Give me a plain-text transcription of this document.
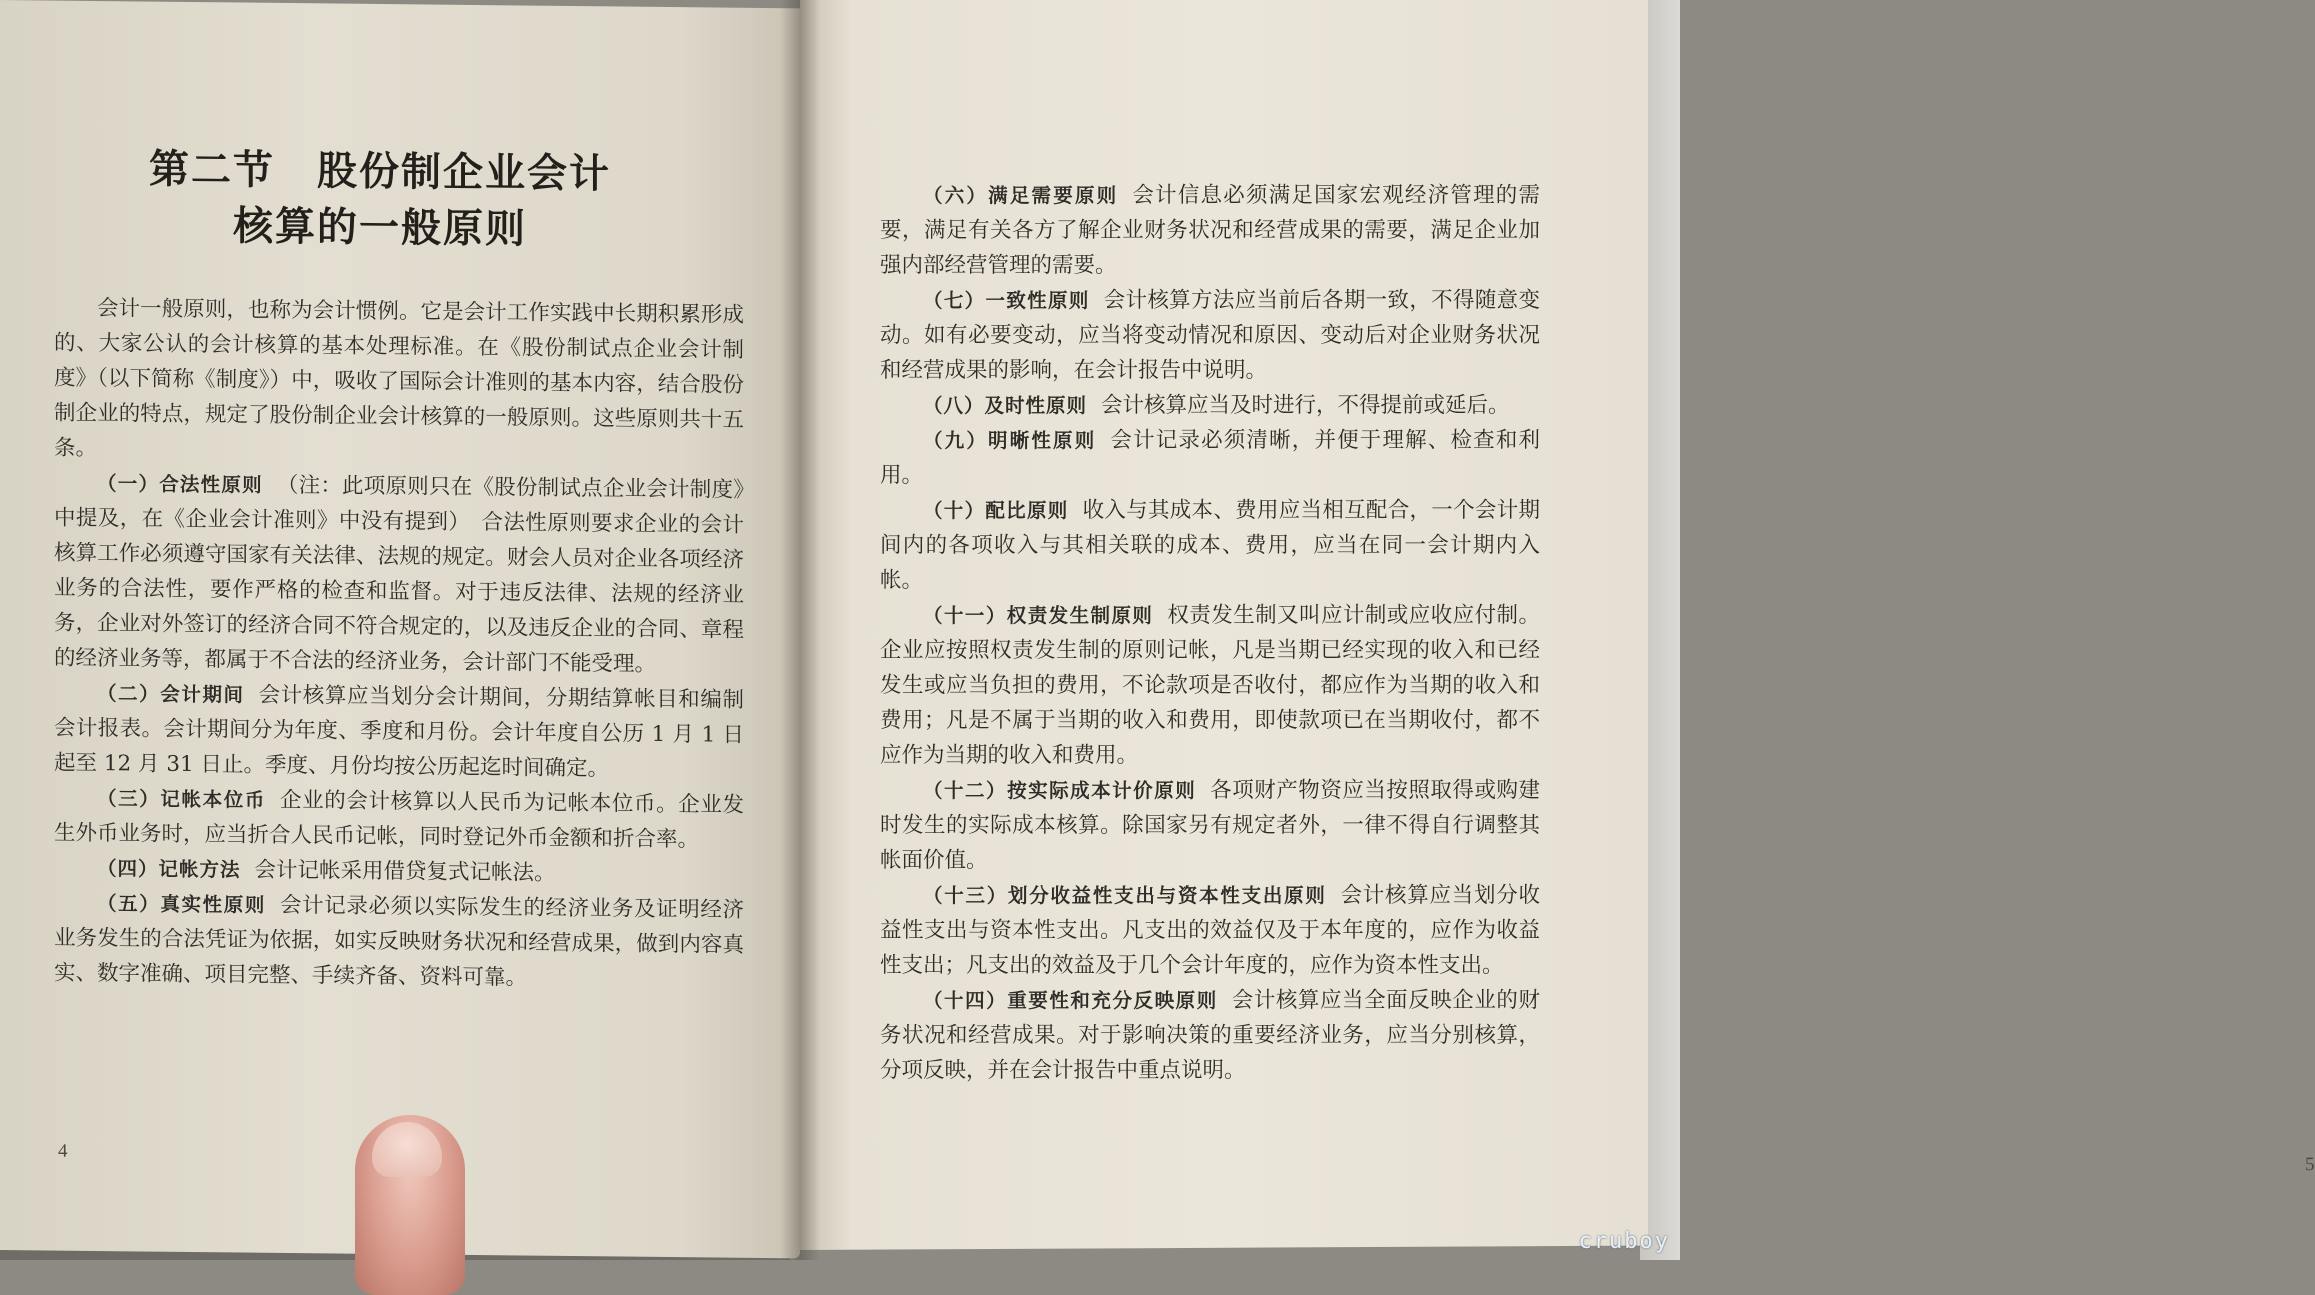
第二节　股份制企业会计
核算的一般原则

会计一般原则，也称为会计惯例。它是会计工作实践中长期积累形成的、大家公认的会计核算的基本处理标准。在《股份制试点企业会计制度》（以下简称《制度》）中，吸收了国际会计准则的基本内容，结合股份制企业的特点，规定了股份制企业会计核算的一般原则。这些原则共十五条。

（一）合法性原则 （注：此项原则只在《股份制试点企业会计制度》中提及，在《企业会计准则》中没有提到）　合法性原则要求企业的会计核算工作必须遵守国家有关法律、法规的规定。财会人员对企业各项经济业务的合法性，要作严格的检查和监督。对于违反法律、法规的经济业务，企业对外签订的经济合同不符合规定的，以及违反企业的合同、章程的经济业务等，都属于不合法的经济业务，会计部门不能受理。

（二）会计期间 会计核算应当划分会计期间，分期结算帐目和编制会计报表。会计期间分为年度、季度和月份。会计年度自公历 1 月 1 日起至 12 月 31 日止。季度、月份均按公历起迄时间确定。

（三）记帐本位币 企业的会计核算以人民币为记帐本位币。企业发生外币业务时，应当折合人民币记帐，同时登记外币金额和折合率。

（四）记帐方法 会计记帐采用借贷复式记帐法。

（五）真实性原则 会计记录必须以实际发生的经济业务及证明经济业务发生的合法凭证为依据，如实反映财务状况和经营成果，做到内容真实、数字准确、项目完整、手续齐备、资料可靠。

4
5

（六）满足需要原则 会计信息必须满足国家宏观经济管理的需要，满足有关各方了解企业财务状况和经营成果的需要，满足企业加强内部经营管理的需要。

（七）一致性原则 会计核算方法应当前后各期一致，不得随意变动。如有必要变动，应当将变动情况和原因、变动后对企业财务状况和经营成果的影响，在会计报告中说明。

（八）及时性原则 会计核算应当及时进行，不得提前或延后。

（九）明晰性原则 会计记录必须清晰，并便于理解、检查和利用。

（十）配比原则 收入与其成本、费用应当相互配合，一个会计期间内的各项收入与其相关联的成本、费用，应当在同一会计期内入帐。

（十一）权责发生制原则 权责发生制又叫应计制或应收应付制。企业应按照权责发生制的原则记帐，凡是当期已经实现的收入和已经发生或应当负担的费用，不论款项是否收付，都应作为当期的收入和费用；凡是不属于当期的收入和费用，即使款项已在当期收付，都不应作为当期的收入和费用。

（十二）按实际成本计价原则 各项财产物资应当按照取得或购建时发生的实际成本核算。除国家另有规定者外，一律不得自行调整其帐面价值。

（十三）划分收益性支出与资本性支出原则 会计核算应当划分收益性支出与资本性支出。凡支出的效益仅及于本年度的，应作为收益性支出；凡支出的效益及于几个会计年度的，应作为资本性支出。

（十四）重要性和充分反映原则 会计核算应当全面反映企业的财务状况和经营成果。对于影响决策的重要经济业务，应当分别核算，分项反映，并在会计报告中重点说明。

cruboy
